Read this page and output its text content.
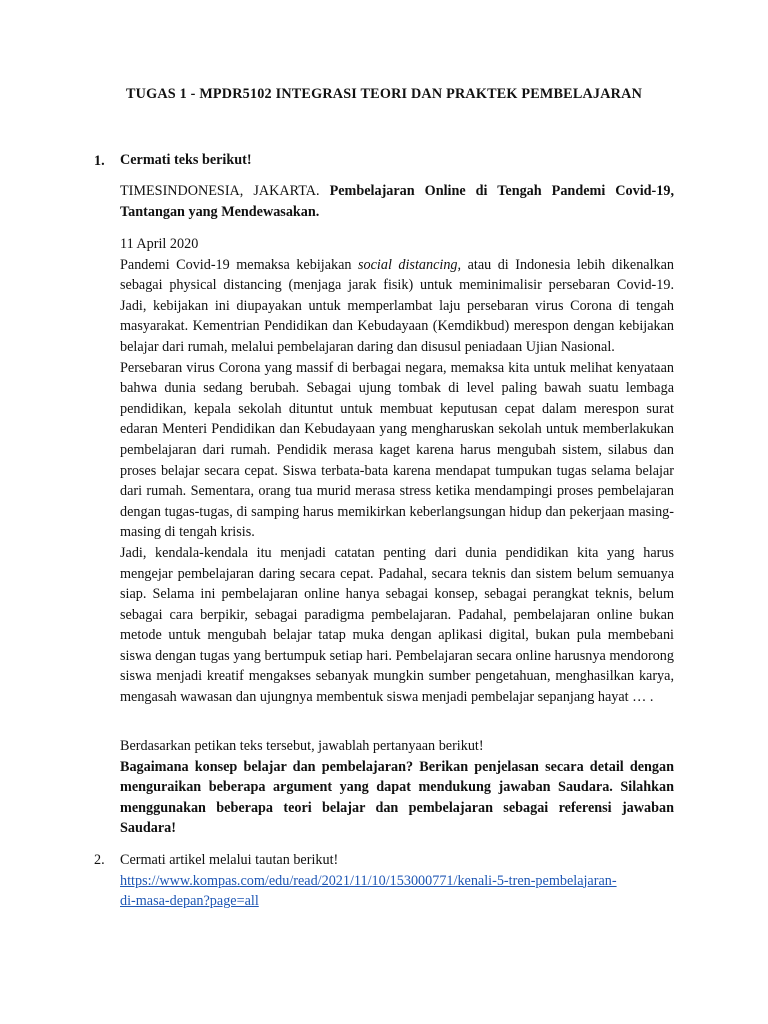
TUGAS 1 - MPDR5102 INTEGRASI TEORI DAN PRAKTEK PEMBELAJARAN
1. Cermati teks berikut!
TIMESINDONESIA, JAKARTA. Pembelajaran Online di Tengah Pandemi Covid-19, Tantangan yang Mendewasakan.

11 April 2020

Pandemi Covid-19 memaksa kebijakan social distancing, atau di Indonesia lebih dikenalkan sebagai physical distancing (menjaga jarak fisik) untuk meminimalisir persebaran Covid-19. Jadi, kebijakan ini diupayakan untuk memperlambat laju persebaran virus Corona di tengah masyarakat. Kementrian Pendidikan dan Kebudayaan (Kemdikbud) merespon dengan kebijakan belajar dari rumah, melalui pembelajaran daring dan disusul peniadaan Ujian Nasional.

Persebaran virus Corona yang massif di berbagai negara, memaksa kita untuk melihat kenyataan bahwa dunia sedang berubah. Sebagai ujung tombak di level paling bawah suatu lembaga pendidikan, kepala sekolah dituntut untuk membuat keputusan cepat dalam merespon surat edaran Menteri Pendidikan dan Kebudayaan yang mengharuskan sekolah untuk memberlakukan pembelajaran dari rumah. Pendidik merasa kaget karena harus mengubah sistem, silabus dan proses belajar secara cepat. Siswa terbata-bata karena mendapat tumpukan tugas selama belajar dari rumah. Sementara, orang tua murid merasa stress ketika mendampingi proses pembelajaran dengan tugas-tugas, di samping harus memikirkan keberlangsungan hidup dan pekerjaan masing-masing di tengah krisis.

Jadi, kendala-kendala itu menjadi catatan penting dari dunia pendidikan kita yang harus mengejar pembelajaran daring secara cepat. Padahal, secara teknis dan sistem belum semuanya siap. Selama ini pembelajaran online hanya sebagai konsep, sebagai perangkat teknis, belum sebagai cara berpikir, sebagai paradigma pembelajaran. Padahal, pembelajaran online bukan metode untuk mengubah belajar tatap muka dengan aplikasi digital, bukan pula membebani siswa dengan tugas yang bertumpuk setiap hari. Pembelajaran secara online harusnya mendorong siswa menjadi kreatif mengakses sebanyak mungkin sumber pengetahuan, menghasilkan karya, mengasah wawasan dan ujungnya membentuk siswa menjadi pembelajar sepanjang hayat … .

Berdasarkan petikan teks tersebut, jawablah pertanyaan berikut!

Bagaimana konsep belajar dan pembelajaran? Berikan penjelasan secara detail dengan menguraikan beberapa argument yang dapat mendukung jawaban Saudara. Silahkan menggunakan beberapa teori belajar dan pembelajaran sebagai referensi jawaban Saudara!

2. Cermati artikel melalui tautan berikut!

https://www.kompas.com/edu/read/2021/11/10/153000771/kenali-5-tren-pembelajaran-
di-masa-depan?page=all
